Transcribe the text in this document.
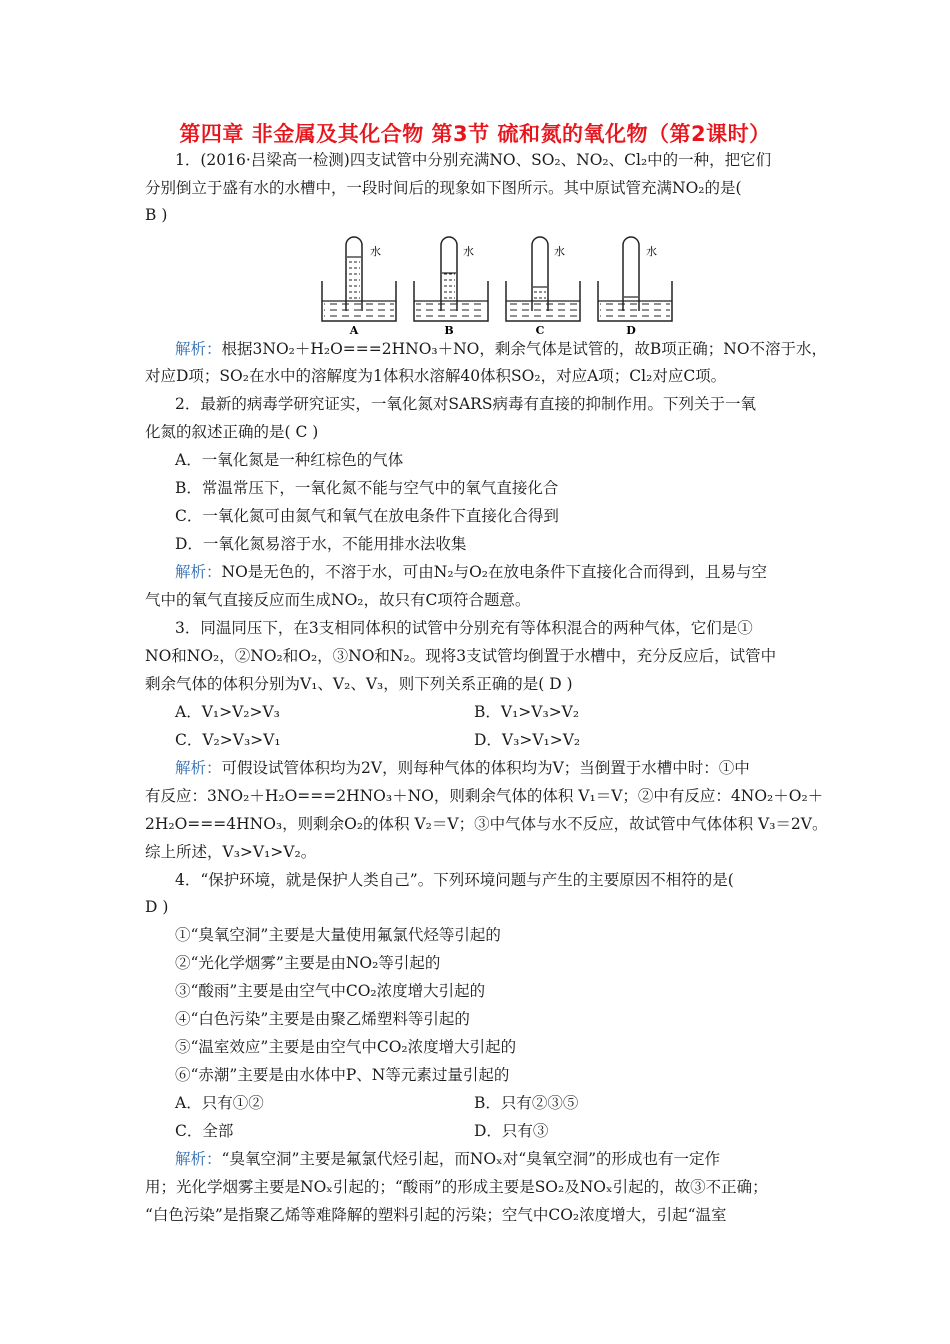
第四章 非金属及其化合物 第3节 硫和氮的氧化物（第2课时）
1．(2016·吕梁高一检测)四支试管中分别充满NO、SO₂、NO₂、Cl₂中的一种，把它们
分别倒立于盛有水的水槽中，一段时间后的现象如下图所示。其中原试管充满NO₂的是(
B )
水	水	水	水
A	B	C	D
解析：根据3NO₂＋H₂O===2HNO₃＋NO，剩余气体是试管的，故B项正确；NO不溶于水，
对应D项；SO₂在水中的溶解度为1体积水溶解40体积SO₂，对应A项；Cl₂对应C项。
2．最新的病毒学研究证实，一氧化氮对SARS病毒有直接的抑制作用。下列关于一氧
化氮的叙述正确的是( C )
A．一氧化氮是一种红棕色的气体
B．常温常压下，一氧化氮不能与空气中的氧气直接化合
C．一氧化氮可由氮气和氧气在放电条件下直接化合得到
D．一氧化氮易溶于水，不能用排水法收集
解析：NO是无色的，不溶于水，可由N₂与O₂在放电条件下直接化合而得到，且易与空
气中的氧气直接反应而生成NO₂，故只有C项符合题意。
3．同温同压下，在3支相同体积的试管中分别充有等体积混合的两种气体，它们是①
NO和NO₂，②NO₂和O₂，③NO和N₂。现将3支试管均倒置于水槽中，充分反应后，试管中
剩余气体的体积分别为V₁、V₂、V₃，则下列关系正确的是( D )
A．V₁>V₂>V₃	B．V₁>V₃>V₂
C．V₂>V₃>V₁	D．V₃>V₁>V₂
解析：可假设试管体积均为2V，则每种气体的体积均为V；当倒置于水槽中时：①中
有反应：3NO₂＋H₂O===2HNO₃＋NO，则剩余气体的体积 V₁＝V；②中有反应：4NO₂＋O₂＋
2H₂O===4HNO₃，则剩余O₂的体积 V₂＝V；③中气体与水不反应，故试管中气体体积 V₃＝2V。
综上所述，V₃>V₁>V₂。
4．“保护环境，就是保护人类自己”。下列环境问题与产生的主要原因不相符的是(
D )
①“臭氧空洞”主要是大量使用氟氯代烃等引起的
②“光化学烟雾”主要是由NO₂等引起的
③“酸雨”主要是由空气中CO₂浓度增大引起的
④“白色污染”主要是由聚乙烯塑料等引起的
⑤“温室效应”主要是由空气中CO₂浓度增大引起的
⑥“赤潮”主要是由水体中P、N等元素过量引起的
A．只有①②	B．只有②③⑤
C．全部	D．只有③
解析：“臭氧空洞”主要是氟氯代烃引起，而NOₓ对“臭氧空洞”的形成也有一定作
用；光化学烟雾主要是NOₓ引起的；“酸雨”的形成主要是SO₂及NOₓ引起的，故③不正确；
“白色污染”是指聚乙烯等难降解的塑料引起的污染；空气中CO₂浓度增大，引起“温室
